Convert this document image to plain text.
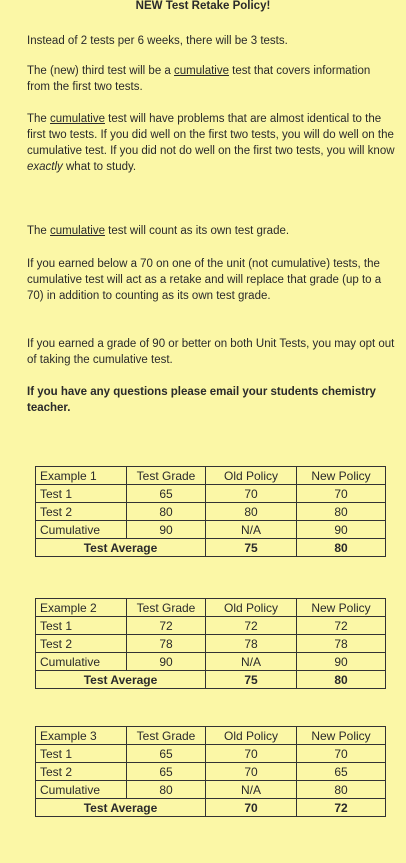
NEW Test Retake Policy!
Instead of 2 tests per 6 weeks, there will be 3 tests.
The (new) third test will be a cumulative test that covers information from the first two tests.
The cumulative test will have problems that are almost identical to the first two tests. If you did well on the first two tests, you will do well on the cumulative test. If you did not do well on the first two tests, you will know exactly what to study.
The cumulative test will count as its own test grade.
If you earned below a 70 on one of the unit (not cumulative) tests, the cumulative test will act as a retake and will replace that grade (up to a 70) in addition to counting as its own test grade.
If you earned a grade of 90 or better on both Unit Tests, you may opt out of taking the cumulative test.
If you have any questions please email your students chemistry teacher.
Example 1	Test Grade	Old Policy	New Policy
Test 1	65	70	70
Test 2	80	80	80
Cumulative	90	N/A	90
Test Average		75	80
Example 2	Test Grade	Old Policy	New Policy
Test 1	72	72	72
Test 2	78	78	78
Cumulative	90	N/A	90
Test Average		75	80
Example 3	Test Grade	Old Policy	New Policy
Test 1	65	70	70
Test 2	65	70	65
Cumulative	80	N/A	80
Test Average		70	72
